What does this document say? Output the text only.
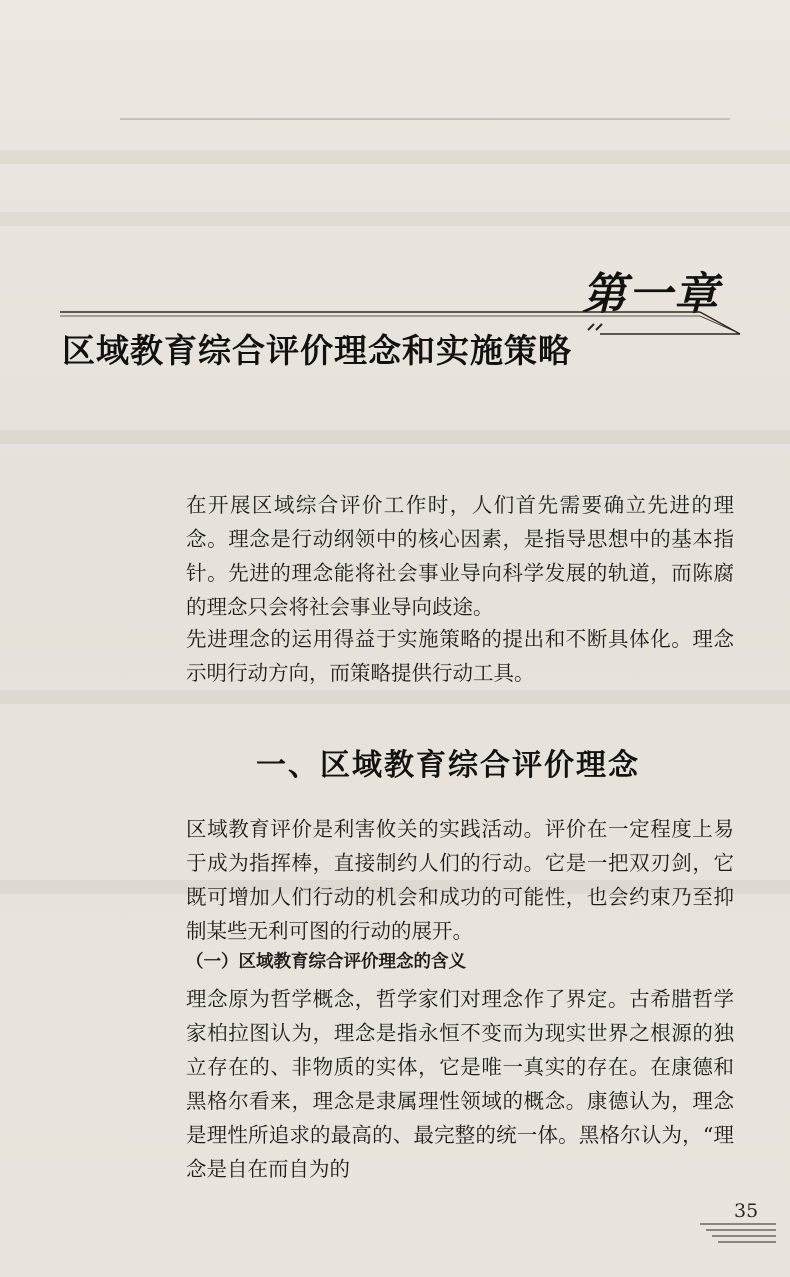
第一章
区域教育综合评价理念和实施策略

在开展区域综合评价工作时，人们首先需要确立先进的理念。理念是行动纲领中的核心因素，是指导思想中的基本指针。先进的理念能将社会事业导向科学发展的轨道，而陈腐的理念只会将社会事业导向歧途。

先进理念的运用得益于实施策略的提出和不断具体化。理念示明行动方向，而策略提供行动工具。

一、区域教育综合评价理念

区域教育评价是利害攸关的实践活动。评价在一定程度上易于成为指挥棒，直接制约人们的行动。它是一把双刃剑，它既可增加人们行动的机会和成功的可能性，也会约束乃至抑制某些无利可图的行动的展开。

（一）区域教育综合评价理念的含义

理念原为哲学概念，哲学家们对理念作了界定。古希腊哲学家柏拉图认为，理念是指永恒不变而为现实世界之根源的独立存在的、非物质的实体，它是唯一真实的存在。在康德和黑格尔看来，理念是隶属理性领域的概念。康德认为，理念是理性所追求的最高的、最完整的统一体。黑格尔认为，“理念是自在而自为的

35
